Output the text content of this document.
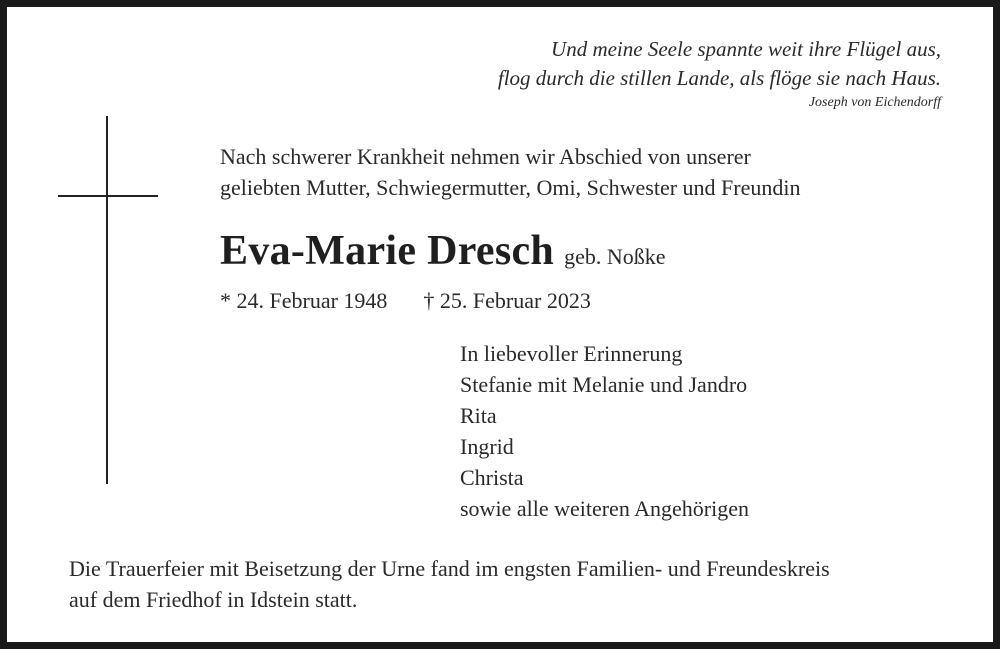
Und meine Seele spannte weit ihre Flügel aus,
flog durch die stillen Lande, als flöge sie nach Haus.
Joseph von Eichendorff
Nach schwerer Krankheit nehmen wir Abschied von unserer
geliebten Mutter, Schwiegermutter, Omi, Schwester und Freundin
Eva-Marie Dresch geb. Noßke
* 24. Februar 1948 † 25. Februar 2023
In liebevoller Erinnerung
Stefanie mit Melanie und Jandro
Rita
Ingrid
Christa
sowie alle weiteren Angehörigen
Die Trauerfeier mit Beisetzung der Urne fand im engsten Familien- und Freundeskreis
auf dem Friedhof in Idstein statt.
